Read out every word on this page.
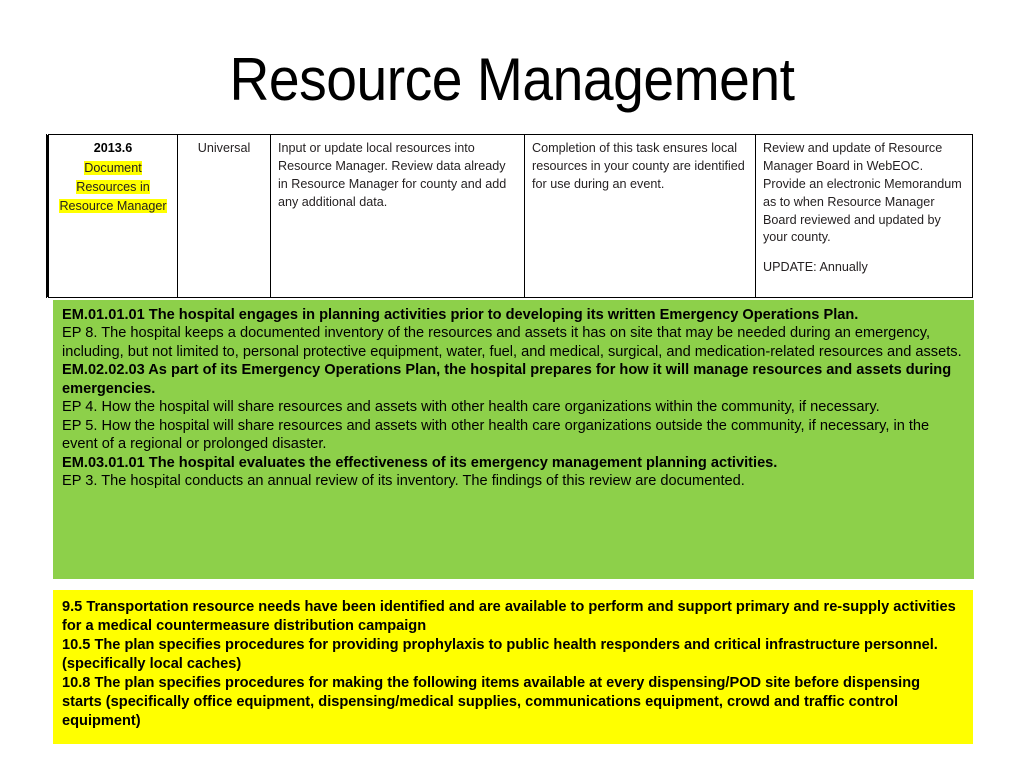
Resource Management
2013.6
Document Resources in Resource Manager
Universal	Input or update local resources into Resource Manager. Review data already in Resource Manager for county and add any additional data.
Completion of this task ensures local resources in your county are identified for use during an event.
Review and update of Resource Manager Board in WebEOC. Provide an electronic Memorandum as to when Resource Manager Board reviewed and updated by your county.
UPDATE: Annually

EM.01.01.01 The hospital engages in planning activities prior to developing its written Emergency Operations Plan.

EP 8. The hospital keeps a documented inventory of the resources and assets it has on site that may be needed during an emergency, including, but not limited to, personal protective equipment, water, fuel, and medical, surgical, and medication-related resources and assets.

EM.02.02.03 As part of its Emergency Operations Plan, the hospital prepares for how it will manage resources and assets during emergencies.

EP 4. How the hospital will share resources and assets with other health care organizations within the community, if necessary.

EP 5. How the hospital will share resources and assets with other health care organizations outside the community, if necessary, in the event of a regional or prolonged disaster.

EM.03.01.01 The hospital evaluates the effectiveness of its emergency management planning activities.

EP 3. The hospital conducts an annual review of its inventory. The findings of this review are documented.

9.5 Transportation resource needs have been identified and are available to perform and support primary and re-supply activities for a medical countermeasure distribution campaign

10.5 The plan specifies procedures for providing prophylaxis to public health responders and critical infrastructure personnel. (specifically local caches)

10.8 The plan specifies procedures for making the following items available at every dispensing/POD site before dispensing starts (specifically office equipment, dispensing/medical supplies, communications equipment, crowd and traffic control equipment)
